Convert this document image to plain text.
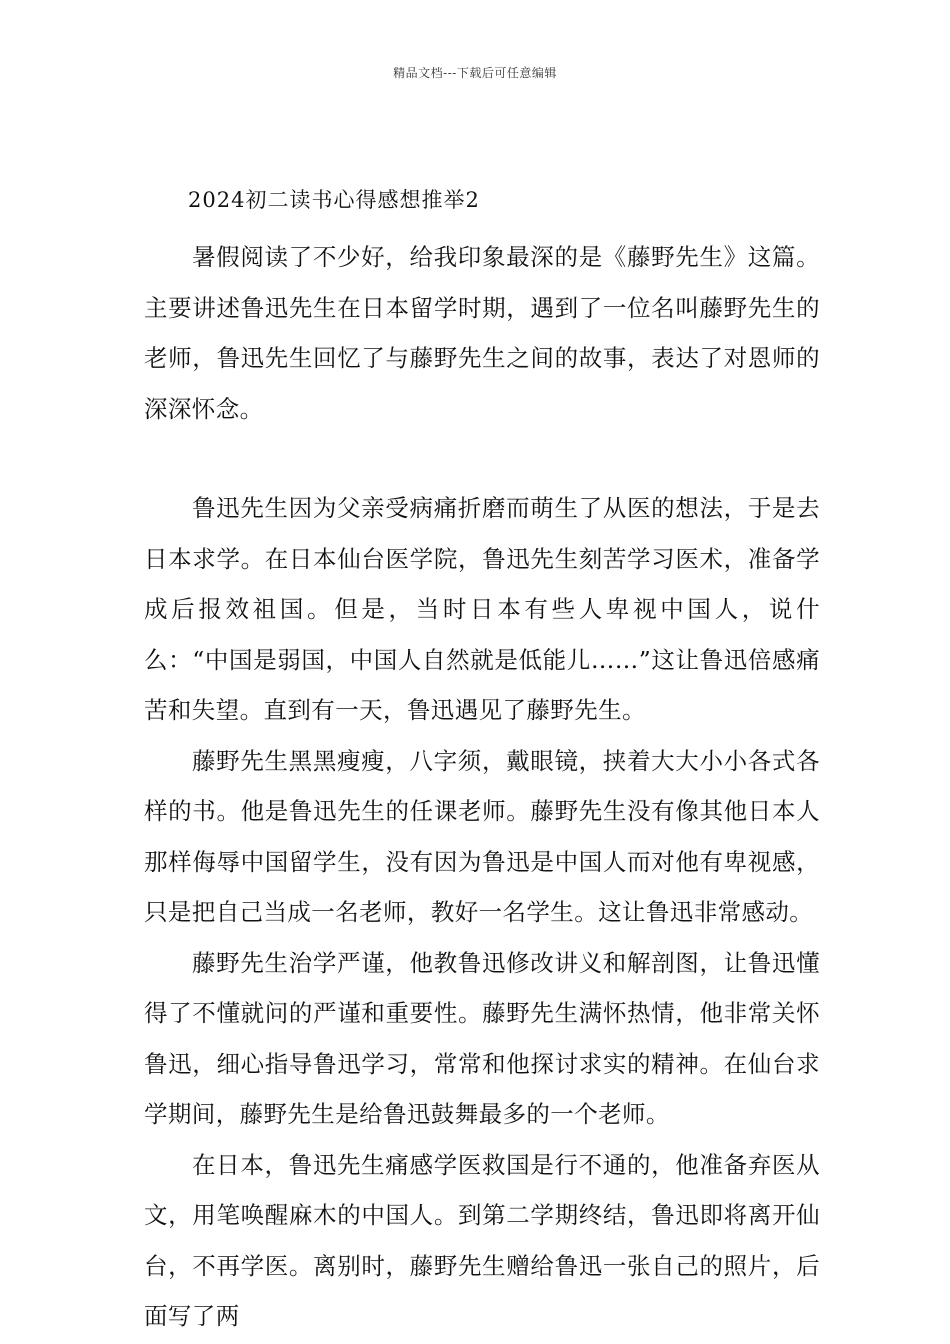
精品文档---下载后可任意编辑
2024初二读书心得感想推举2

暑假阅读了不少好，给我印象最深的是《藤野先生》这篇。主要讲述鲁迅先生在日本留学时期，遇到了一位名叫藤野先生的老师，鲁迅先生回忆了与藤野先生之间的故事，表达了对恩师的深深怀念。

鲁迅先生因为父亲受病痛折磨而萌生了从医的想法，于是去日本求学。在日本仙台医学院，鲁迅先生刻苦学习医术，准备学成后报效祖国。但是，当时日本有些人卑视中国人，说什么：“中国是弱国，中国人自然就是低能儿……”这让鲁迅倍感痛苦和失望。直到有一天，鲁迅遇见了藤野先生。

藤野先生黑黑瘦瘦，八字须，戴眼镜，挟着大大小小各式各样的书。他是鲁迅先生的任课老师。藤野先生没有像其他日本人那样侮辱中国留学生，没有因为鲁迅是中国人而对他有卑视感，只是把自己当成一名老师，教好一名学生。这让鲁迅非常感动。

藤野先生治学严谨，他教鲁迅修改讲义和解剖图，让鲁迅懂得了不懂就问的严谨和重要性。藤野先生满怀热情，他非常关怀鲁迅，细心指导鲁迅学习，常常和他探讨求实的精神。在仙台求学期间，藤野先生是给鲁迅鼓舞最多的一个老师。

在日本，鲁迅先生痛感学医救国是行不通的，他准备弃医从文，用笔唤醒麻木的中国人。到第二学期终结，鲁迅即将离开仙台，不再学医。离别时，藤野先生赠给鲁迅一张自己的照片，后面写了两
